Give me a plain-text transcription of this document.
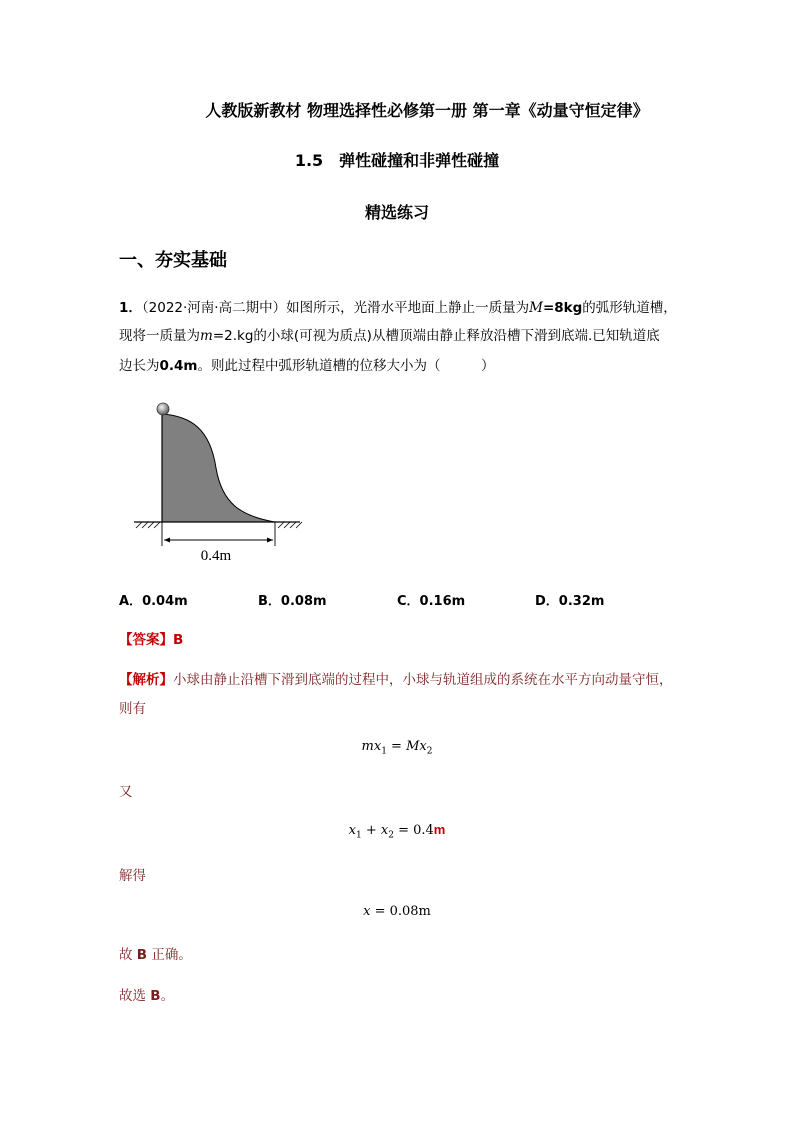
人教版新教材 物理选择性必修第一册 第一章《动量守恒定律》
1.5　弹性碰撞和非弹性碰撞
精选练习
一、夯实基础
1．（2022·河南·高二期中）如图所示，光滑水平地面上静止一质量为M=8kg的弧形轨道槽，
现将一质量为m=2.kg的小球(可视为质点)从槽顶端由静止释放沿槽下滑到底端.已知轨道底
边长为0.4m。则此过程中弧形轨道槽的位移大小为（　　　）
0.4m
A．0.04m	B．0.08m	C．0.16m	D．0.32m
【答案】B
【解析】小球由静止沿槽下滑到底端的过程中，小球与轨道组成的系统在水平方向动量守恒，
则有
$mx_1 = Mx_2$
又
$x_1 + x_2 = 0.4m$
解得
x = 0.08m
故 B 正确。
故选 B。
